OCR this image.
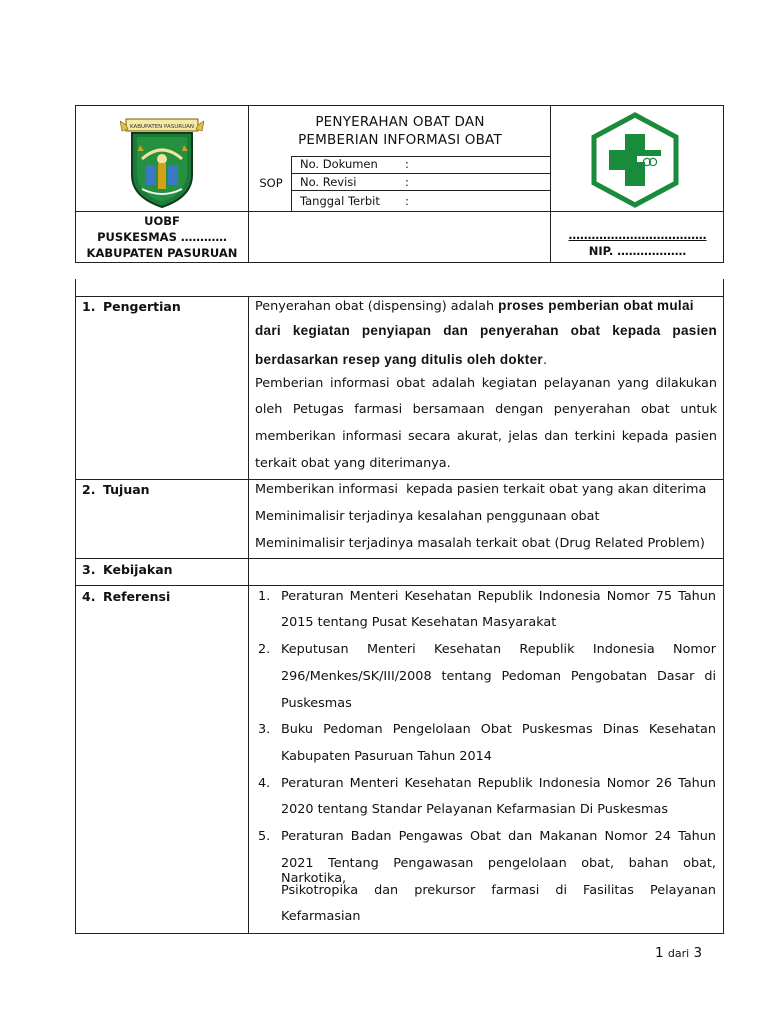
KABUPATEN PASURUAN	PENYERAHAN OBAT DAN
PEMBERIAN INFORMASI OBAT
SOP
No. Dokumen :
No. Revisi	:
Tanggal Terbit :
UOBF
PUSKESMAS …………
KABUPATEN PASURUAN
………………………………
NIP. ………………
1. Pengertian
2. Tujuan
3. Kebijakan
4. Referensi
Penyerahan obat (dispensing) adalah proses pemberian obat mulai
dari kegiatan penyiapan dan penyerahan obat kepada pasien
berdasarkan resep yang ditulis oleh dokter.
Pemberian informasi obat adalah kegiatan pelayanan yang dilakukan
oleh Petugas farmasi bersamaan dengan penyerahan obat untuk
memberikan informasi secara akurat, jelas dan terkini kepada pasien
terkait obat yang diterimanya.
Memberikan informasi  kepada pasien terkait obat yang akan diterima
Meminimalisir terjadinya kesalahan penggunaan obat
Meminimalisir terjadinya masalah terkait obat (Drug Related Problem)
1. Peraturan Menteri Kesehatan Republik Indonesia Nomor 75 Tahun
2015 tentang Pusat Kesehatan Masyarakat
2. Keputusan Menteri Kesehatan Republik Indonesia Nomor
296/Menkes/SK/III/2008 tentang Pedoman Pengobatan Dasar di
Puskesmas
3. Buku Pedoman Pengelolaan Obat Puskesmas Dinas Kesehatan
Kabupaten Pasuruan Tahun 2014
4. Peraturan Menteri Kesehatan Republik Indonesia Nomor 26 Tahun
2020 tentang Standar Pelayanan Kefarmasian Di Puskesmas
5. Peraturan Badan Pengawas Obat dan Makanan Nomor 24 Tahun
2021 Tentang Pengawasan pengelolaan obat, bahan obat, Narkotika,
Psikotropika dan prekursor farmasi di Fasilitas Pelayanan
Kefarmasian
1 dari 3
